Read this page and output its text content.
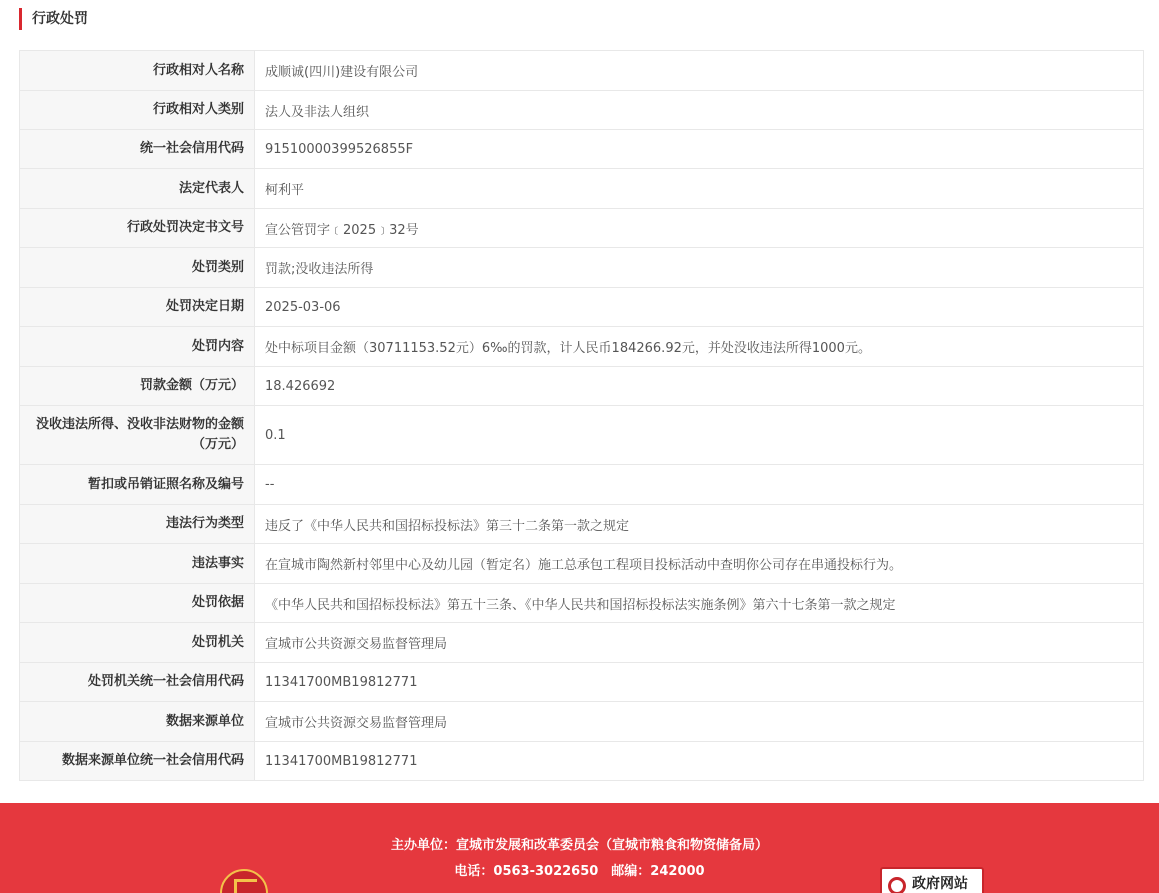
行政处罚
行政相对人名称	成顺诚(四川)建设有限公司
行政相对人类别	法人及非法人组织
统一社会信用代码	91510000399526855F
法定代表人	柯利平
行政处罚决定书文号	宣公管罚字﹝2025﹞32号
处罚类别	罚款;没收违法所得
处罚决定日期	2025-03-06
处罚内容	处中标项目金额（30711153.52元）6‰的罚款，计人民币184266.92元，并处没收违法所得1000元。
罚款金额（万元）	18.426692
没收违法所得、没收非法财物的金额（万元）	0.1
暂扣或吊销证照名称及编号	--
违法行为类型	违反了《中华人民共和国招标投标法》第三十二条第一款之规定
违法事实	在宣城市陶然新村邻里中心及幼儿园（暂定名）施工总承包工程项目投标活动中查明你公司存在串通投标行为。
处罚依据	《中华人民共和国招标投标法》第五十三条、《中华人民共和国招标投标法实施条例》第六十七条第一款之规定
处罚机关	宣城市公共资源交易监督管理局
处罚机关统一社会信用代码	11341700MB19812771
数据来源单位	宣城市公共资源交易监督管理局
数据来源单位统一社会信用代码	11341700MB19812771
主办单位：宣城市发展和改革委员会（宣城市粮食和物资储备局）
电话：0563-3022650　邮编：242000
政府网站
